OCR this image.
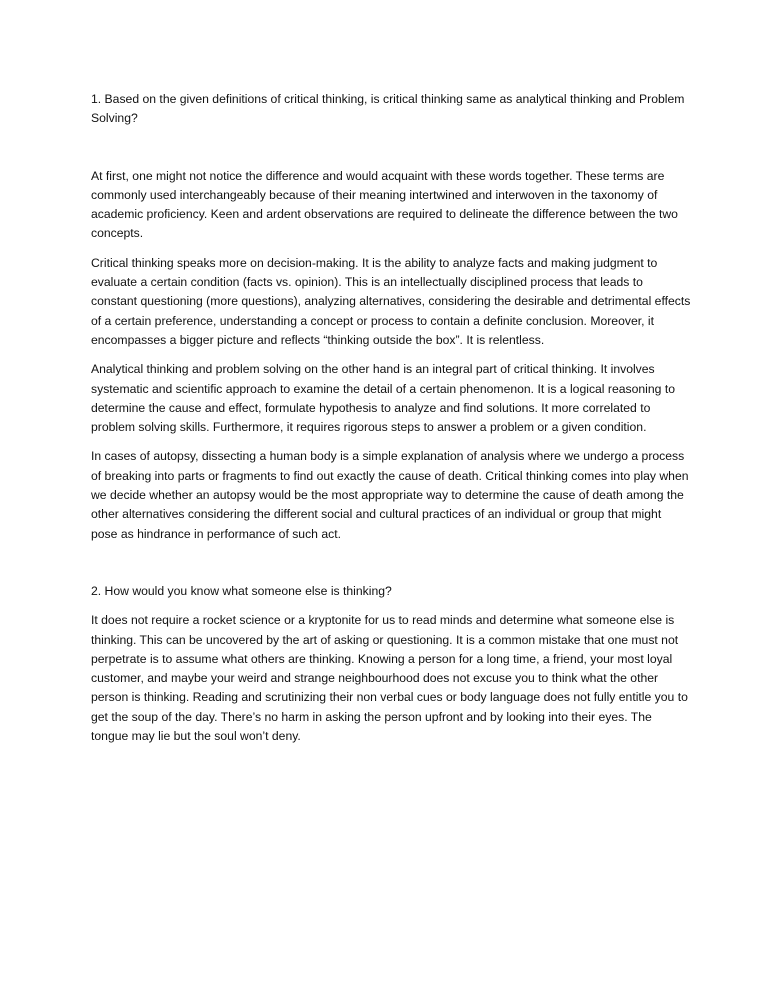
1. Based on the given definitions of critical thinking, is critical thinking same as analytical thinking and Problem Solving?

At first, one might not notice the difference and would acquaint with these words together. These terms are commonly used interchangeably because of their meaning intertwined and interwoven in the taxonomy of academic proficiency. Keen and ardent observations are required to delineate the difference between the two concepts.

Critical thinking speaks more on decision-making. It is the ability to analyze facts and making judgment to evaluate a certain condition (facts vs. opinion). This is an intellectually disciplined process that leads to constant questioning (more questions), analyzing alternatives, considering the desirable and detrimental effects of a certain preference, understanding a concept or process to contain a definite conclusion. Moreover, it encompasses a bigger picture and reflects “thinking outside the box”. It is relentless.

Analytical thinking and problem solving on the other hand is an integral part of critical thinking. It involves systematic and scientific approach to examine the detail of a certain phenomenon. It is a logical reasoning to determine the cause and effect, formulate hypothesis to analyze and find solutions. It more correlated to problem solving skills. Furthermore, it requires rigorous steps to answer a problem or a given condition.

In cases of autopsy, dissecting a human body is a simple explanation of analysis where we undergo a process of breaking into parts or fragments to find out exactly the cause of death. Critical thinking comes into play when we decide whether an autopsy would be the most appropriate way to determine the cause of death among the other alternatives considering the different social and cultural practices of an individual or group that might pose as hindrance in performance of such act.

2. How would you know what someone else is thinking?

It does not require a rocket science or a kryptonite for us to read minds and determine what someone else is thinking. This can be uncovered by the art of asking or questioning. It is a common mistake that one must not perpetrate is to assume what others are thinking. Knowing a person for a long time, a friend, your most loyal customer, and maybe your weird and strange neighbourhood does not excuse you to think what the other person is thinking. Reading and scrutinizing their non verbal cues or body language does not fully entitle you to get the soup of the day. There’s no harm in asking the person upfront and by looking into their eyes. The tongue may lie but the soul won’t deny.
